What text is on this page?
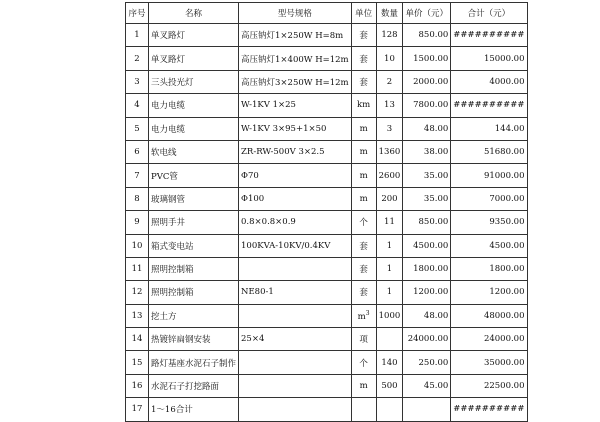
序号	名称	型号规格	单位	数量	单价（元）	合计（元）
1	单叉路灯	高压钠灯1×250W H=8m	套	128	850.00	##########
2	单叉路灯	高压钠灯1×400W H=12m	套	10	1500.00	15000.00
3	三头投光灯	高压钠灯3×250W H=12m	套	2	2000.00	4000.00
4	电力电缆	W-1KV 1×25	km	13	7800.00	##########
5	电力电缆	W-1KV 3×95+1×50	m	3	48.00	144.00
6	软电线	ZR-RW-500V 3×2.5	m	1360	38.00	51680.00
7	PVC管	Φ70	m	2600	35.00	91000.00
8	玻璃钢管	Φ100	m	200	35.00	7000.00
9	照明手井	0.8×0.8×0.9	个	11	850.00	9350.00
10	箱式变电站	100KVA-10KV/0.4KV	套	1	4500.00	4500.00
11	照明控制箱		套	1	1800.00	1800.00
12	照明控制箱	NE80-1	套	1	1200.00	1200.00
13	挖土方		$m^3$	1000	48.00	48000.00
14	热镀锌扁钢安装	25×4	项		24000.00	24000.00
15	路灯基座水泥石子制作		个	140	250.00	35000.00
16	水泥石子打挖路面		m	500	45.00	22500.00
17	1～16合计					##########
